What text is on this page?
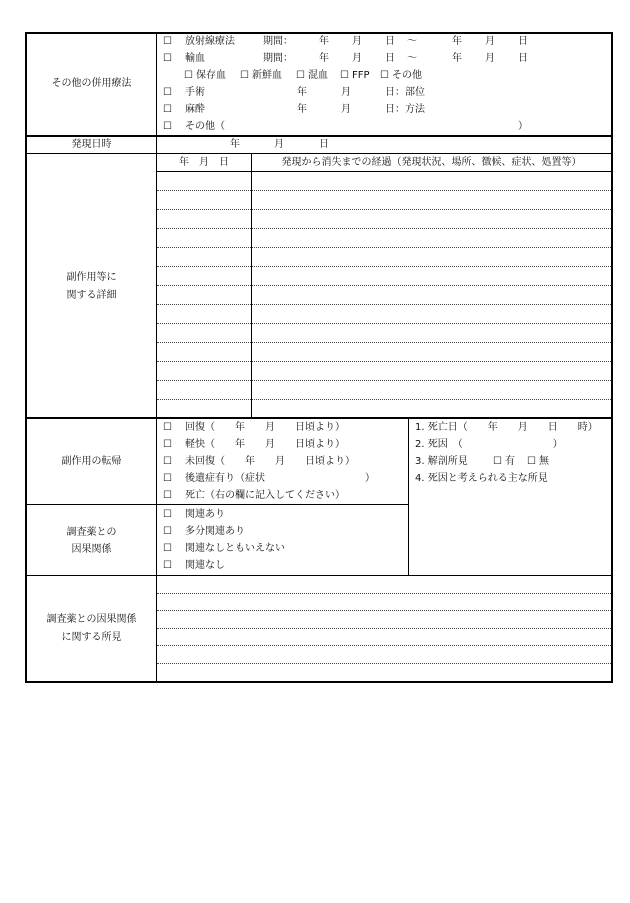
その他の併用療法
☐ 放射線療法	期間：	年 月 日 〜	年 月 日
☐ 輸血	期間：	年 月 日 〜	年 月 日
☐ 保存血 ☐ 新鮮血 ☐ 混血 ☐ FFP ☐ その他
☐ 手術	年	月	日：部位
☐ 麻酔	年	月	日：方法
☐ その他（	）
発現日時	年	月	日
副作用等に
関する詳細
年　月　日	発現から消失までの経過（発現状況、場所、徴候、症状、処置等）
副作用の転帰
☐ 回復（　　年　　月　　日頃より）
☐ 軽快（　　年　　月　　日頃より）
☐ 未回復（　　年　　月　　日頃より）
☐ 後遺症有り（症状　　　　　　　　　　）
☐ 死亡（右の欄に記入してください）
1. 死亡日（　　年　　月　　日　　時）
2. 死因　（　　　　　　　　　）
3. 解剖所見	☐ 有 ☐ 無
4. 死因と考えられる主な所見
調査薬との
因果関係
☐ 関連あり
☐ 多分関連あり
☐ 関連なしともいえない
☐ 関連なし
調査薬との因果関係
に関する所見
